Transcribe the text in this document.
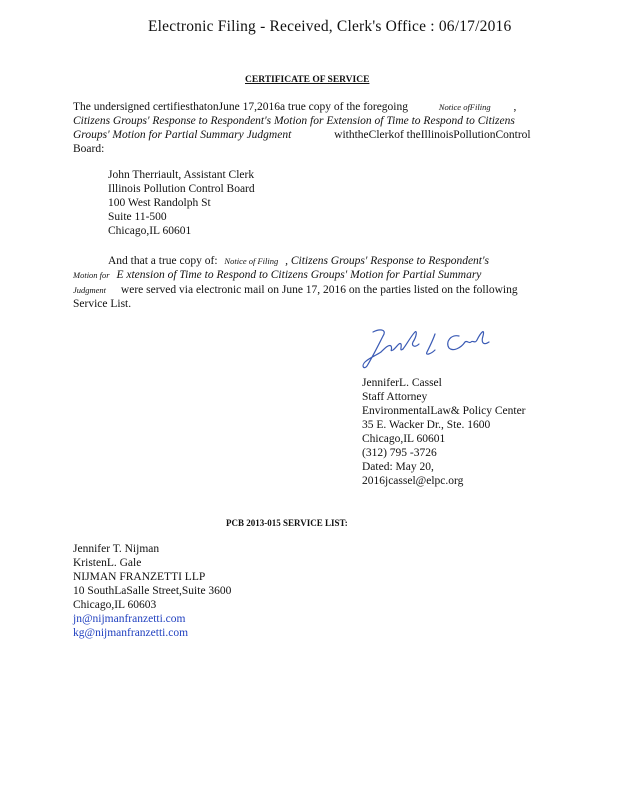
Electronic Filing - Received, Clerk's Office : 06/17/2016
CERTIFICATE OF SERVICE
The undersigned certifiesthatonJune 17,2016a true copy of the foregoing	Notice ofFiling ,
Citizens Groups' Response to Respondent's Motion for Extension of Time to Respond to Citizens
Groups' Motion for Partial Summary Judgment	withtheClerkof theIllinoisPollutionControl
Board:
John Therriault, Assistant Clerk
Illinois Pollution Control Board
100 West Randolph St
Suite 11-500
Chicago,IL 60601
And that a true copy of: Notice of Filing , Citizens Groups' Response to Respondent's
Motion for E xtension of Time to Respond to Citizens Groups' Motion for Partial Summary
Judgment were served via electronic mail on June 17, 2016 on the parties listed on the following
Service List.
JenniferL. Cassel
Staff Attorney
EnvironmentalLaw& Policy Center
35 E. Wacker Dr., Ste. 1600
Chicago,IL 60601
(312) 795 -3726
Dated: May 20,
2016jcassel@elpc.org
PCB 2013-015 SERVICE LIST:
Jennifer T. Nijman
KristenL. Gale
NIJMAN FRANZETTI LLP
10 SouthLaSalle Street,Suite 3600
Chicago,IL 60603
jn@nijmanfranzetti.com
kg@nijmanfranzetti.com
